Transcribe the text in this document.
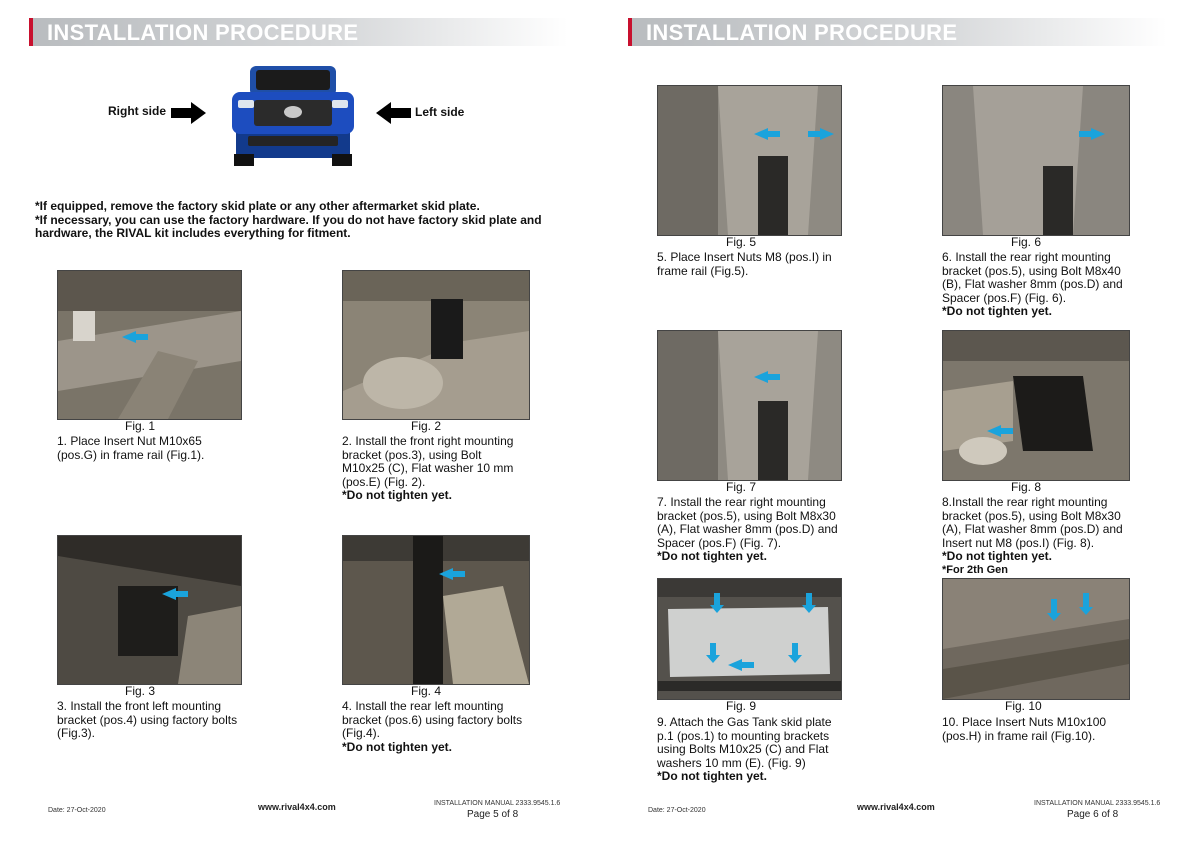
INSTALLATION PROCEDURE
Right side	Left side
*If equipped, remove the factory skid plate or any other aftermarket skid plate.
*If necessary, you can use the factory hardware. If you do not have factory skid plate and
hardware, the RIVAL kit includes everything for fitment.
Fig. 1
1. Place Insert Nut M10x65
(pos.G) in frame rail (Fig.1).
Fig. 2
2. Install the front right mounting
bracket (pos.3), using Bolt
M10x25 (C), Flat washer 10 mm
(pos.E) (Fig. 2).
*Do not tighten yet.
Fig. 3
3. Install the front left mounting
bracket (pos.4) using factory bolts
(Fig.3).
Fig. 4
4. Install the rear left mounting
bracket (pos.6) using factory bolts
(Fig.4).
*Do not tighten yet.
Date: 27-Oct-2020	www.rival4x4.com	INSTALLATION MANUAL 2333.9545.1.6
Page 5 of 8
INSTALLATION PROCEDURE
Fig. 5
5. Place Insert Nuts M8 (pos.I) in
frame rail (Fig.5).
Fig. 6
6. Install the rear right mounting
bracket (pos.5), using Bolt M8x40
(B), Flat washer 8mm (pos.D) and
Spacer (pos.F) (Fig. 6).
*Do not tighten yet.
Fig. 7
7. Install the rear right mounting
bracket (pos.5), using Bolt M8x30
(A), Flat washer 8mm (pos.D) and
Spacer (pos.F) (Fig. 7).
*Do not tighten yet.
Fig. 8
8.Install the rear right mounting
bracket (pos.5), using Bolt M8x30
(A), Flat washer 8mm (pos.D) and
Insert nut M8 (pos.I) (Fig. 8).
*Do not tighten yet.
*For 2th Gen
Fig. 9
9. Attach the Gas Tank skid plate
p.1 (pos.1) to mounting brackets
using Bolts M10x25 (C) and Flat
washers 10 mm (E). (Fig. 9)
*Do not tighten yet.
Fig. 10
10. Place Insert Nuts M10x100
(pos.H) in frame rail (Fig.10).
Date: 27-Oct-2020	www.rival4x4.com	INSTALLATION MANUAL 2333.9545.1.6
Page 6 of 8
